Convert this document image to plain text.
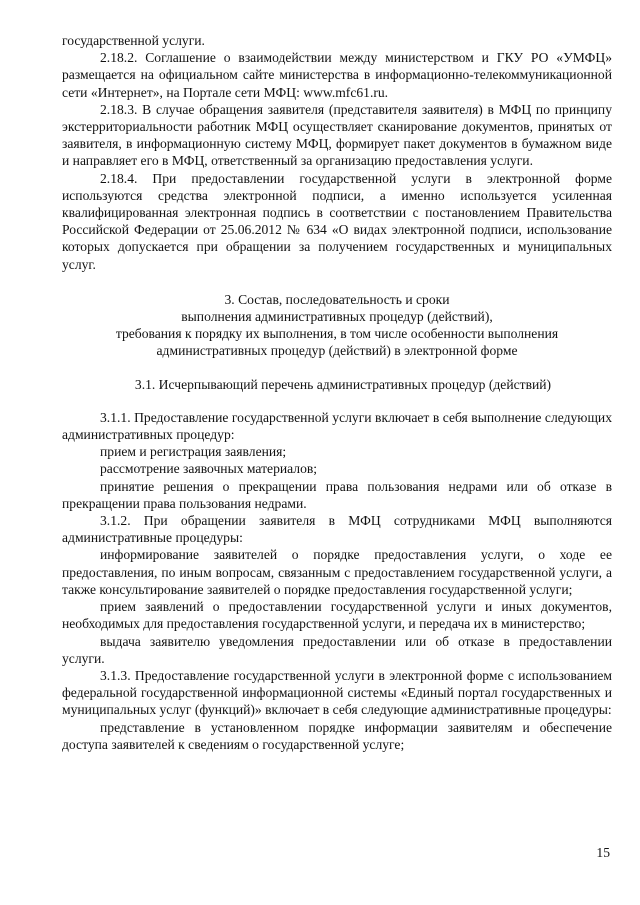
государственной услуги.

2.18.2. Соглашение о взаимодействии между министерством и ГКУ РО «УМФЦ» размещается на официальном сайте министерства в информационно-телекоммуникационной сети «Интернет», на Портале сети МФЦ: www.mfc61.ru.

2.18.3. В случае обращения заявителя (представителя заявителя) в МФЦ по принципу экстерриториальности работник МФЦ осуществляет сканирование документов, принятых от заявителя, в информационную систему МФЦ, формирует пакет документов в бумажном виде и направляет его в МФЦ, ответственный за организацию предоставления услуги.

2.18.4. При предоставлении государственной услуги в электронной форме используются средства электронной подписи, а именно используется усиленная квалифицированная электронная подпись в соответствии с постановлением Правительства Российской Федерации от 25.06.2012 № 634 «О видах электронной подписи, использование которых допускается при обращении за получением государственных и муниципальных услуг.

3. Состав, последовательность и сроки

выполнения административных процедур (действий),

требования к порядку их выполнения, в том числе особенности выполнения

административных процедур (действий) в электронной форме

3.1. Исчерпывающий перечень административных процедур (действий)

3.1.1. Предоставление государственной услуги включает в себя выполнение следующих административных процедур:

прием и регистрация заявления;

рассмотрение заявочных материалов;

принятие решения о прекращении права пользования недрами или об отказе в прекращении права пользования недрами.

3.1.2. При обращении заявителя в МФЦ сотрудниками МФЦ выполняются административные процедуры:

информирование заявителей о порядке предоставления услуги, о ходе ее предоставления, по иным вопросам, связанным с предоставлением государственной услуги, а также консультирование заявителей о порядке предоставления государственной услуги;

прием заявлений о предоставлении государственной услуги и иных документов, необходимых для предоставления государственной услуги, и передача их в министерство;

выдача заявителю уведомления предоставлении или об отказе в предоставлении услуги.

3.1.3. Предоставление государственной услуги в электронной форме с использованием федеральной государственной информационной системы «Единый портал государственных и муниципальных услуг (функций)» включает в себя следующие административные процедуры:

представление в установленном порядке информации заявителям и обеспечение доступа заявителей к сведениям о государственной услуге;

15
